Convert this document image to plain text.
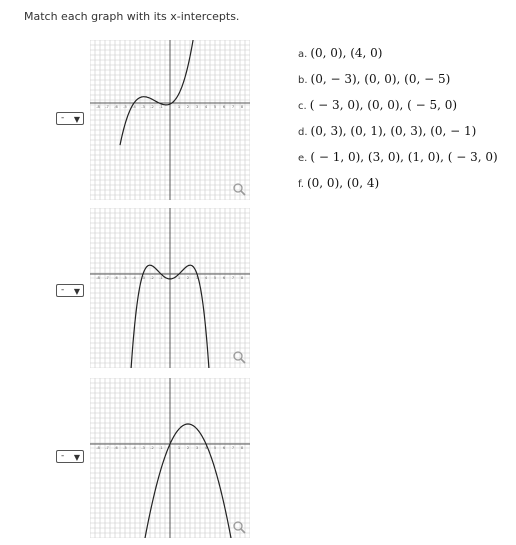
Match each graph with its x-intercepts.
- ▼
-8 -7 -6 -5 -4 -3 -2 -1	1 2 3 4 5 6 7 8
- ▼
-8 -7 -6 -5 -4 -3 -2 -1	1 2 3 4 5 6 7 8
- ▼
-8 -7 -6 -5 -4 -3 -2 -1	1 2 3 4 5 6 7 8
a. (0, 0), (4, 0)
b. (0, − 3), (0, 0), (0, − 5)
c. ( − 3, 0), (0, 0), ( − 5, 0)
d. (0, 3), (0, 1), (0, 3), (0, − 1)
e. ( − 1, 0), (3, 0), (1, 0), ( − 3, 0)
f. (0, 0), (0, 4)
